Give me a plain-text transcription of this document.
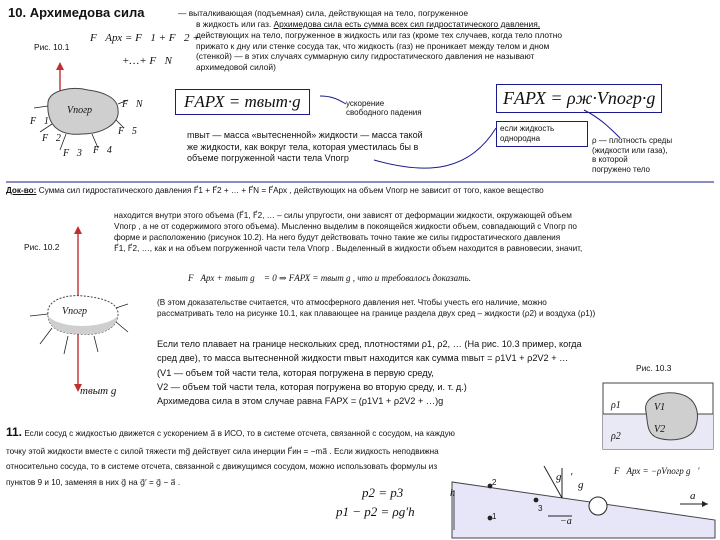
10. Архимедова сила	— выталкивающая (подъемная) сила, действующая на тело, погруженное
в жидкость или газ. Архимедова сила есть сумма всех сил гидростатического давления,
действующих на тело, погруженное в жидкость или газ (кроме тех случаев, когда тело плотно
прижато к дну или стенке сосуда так, что жидкость (газ) не проникает между телом и дном
(стенкой) — в этих случаях суммарную силу гидростатического давления не называют
архимедовой силой)
Рис. 10.1
F⃗Арх = F⃗1 + F⃗2 +
+…+ F⃗N
Vпогр
F⃗1
F⃗2
F⃗3 F⃗4
F⃗5
F⃗N	FАРХ = mвыт·g	ускорение свободного падения
mвыт — масса «вытесненной» жидкости — масса такой
же жидкости, как вокруг тела, которая уместилась бы в
объеме погруженной части тела Vпогр
FАРХ = ρж·Vпогр·g
если жидкость однородна	ρ — плотность среды
(жидкости или газа),
в которой
погружено тело
Док-во: Сумма сил гидростатического давления F⃗1 + F⃗2 + … + F⃗N = F⃗Арх , действующих на объем Vпогр не зависит от того, какое вещество
находится внутри этого объема (F⃗1, F⃗2, … – силы упругости, они зависят от деформации жидкости, окружающей объем
Vпогр , а не от содержимого этого объема). Мысленно выделим в покоящейся жидкости объем, совпадающий с Vпогр по
форме и расположению (рисунок 10.2). На него будут действовать точно такие же силы гидростатического давления
F⃗1, F⃗2, …, как и на объем погруженной части тела Vпогр . Выделенный в жидкости объем находится в равновесии, значит,
F⃗Арх + mвыт g⃗ = 0 ⇒ FАРХ = mвыт g , что и требовалось доказать.
Рис. 10.2
Vпогр
mвыт g⃗
(В этом доказательстве считается, что атмосферного давления нет. Чтобы учесть его наличие, можно
рассматривать тело на рисунке 10.1, как плавающее на границе раздела двух сред – жидкости (ρ2) и воздуха (ρ1))
Если тело плавает на границе нескольких сред, плотностями ρ1, ρ2, … (На рис. 10.3 пример, когда
сред две), то масса вытесненной жидкости mвыт находится как сумма mвыт = ρ1V1 + ρ2V2 + …
(V1 — объем той части тела, которая погружена в первую среду,
V2 — объем той части тела, которая погружена во вторую среду, и. т. д.)
Архимедова сила в этом случае равна FАРХ = (ρ1V1 + ρ2V2 + …)g
Рис. 10.3
ρ1
ρ2
V1
V2
11. Если сосуд с жидкостью движется с ускорением a⃗ в ИСО, то в системе отсчета, связанной с сосудом, на каждую
точку этой жидкости вместе с силой тяжести mg⃗ действует сила инерции F⃗ин = −ma⃗ . Если жидкость неподвижна
относительно сосуда, то в системе отсчета, связанной с движущимся сосудом, можно использовать формулы из
пунктов 9 и 10, заменяя в них g⃗ на g⃗′ = g⃗ − a⃗ .
p2 = p3
p1 − p2 = ρg′h
h
2
1
3
g⃗′
g⃗
−a⃗
F⃗Арх = −ρVпогр g⃗′
a⃗
